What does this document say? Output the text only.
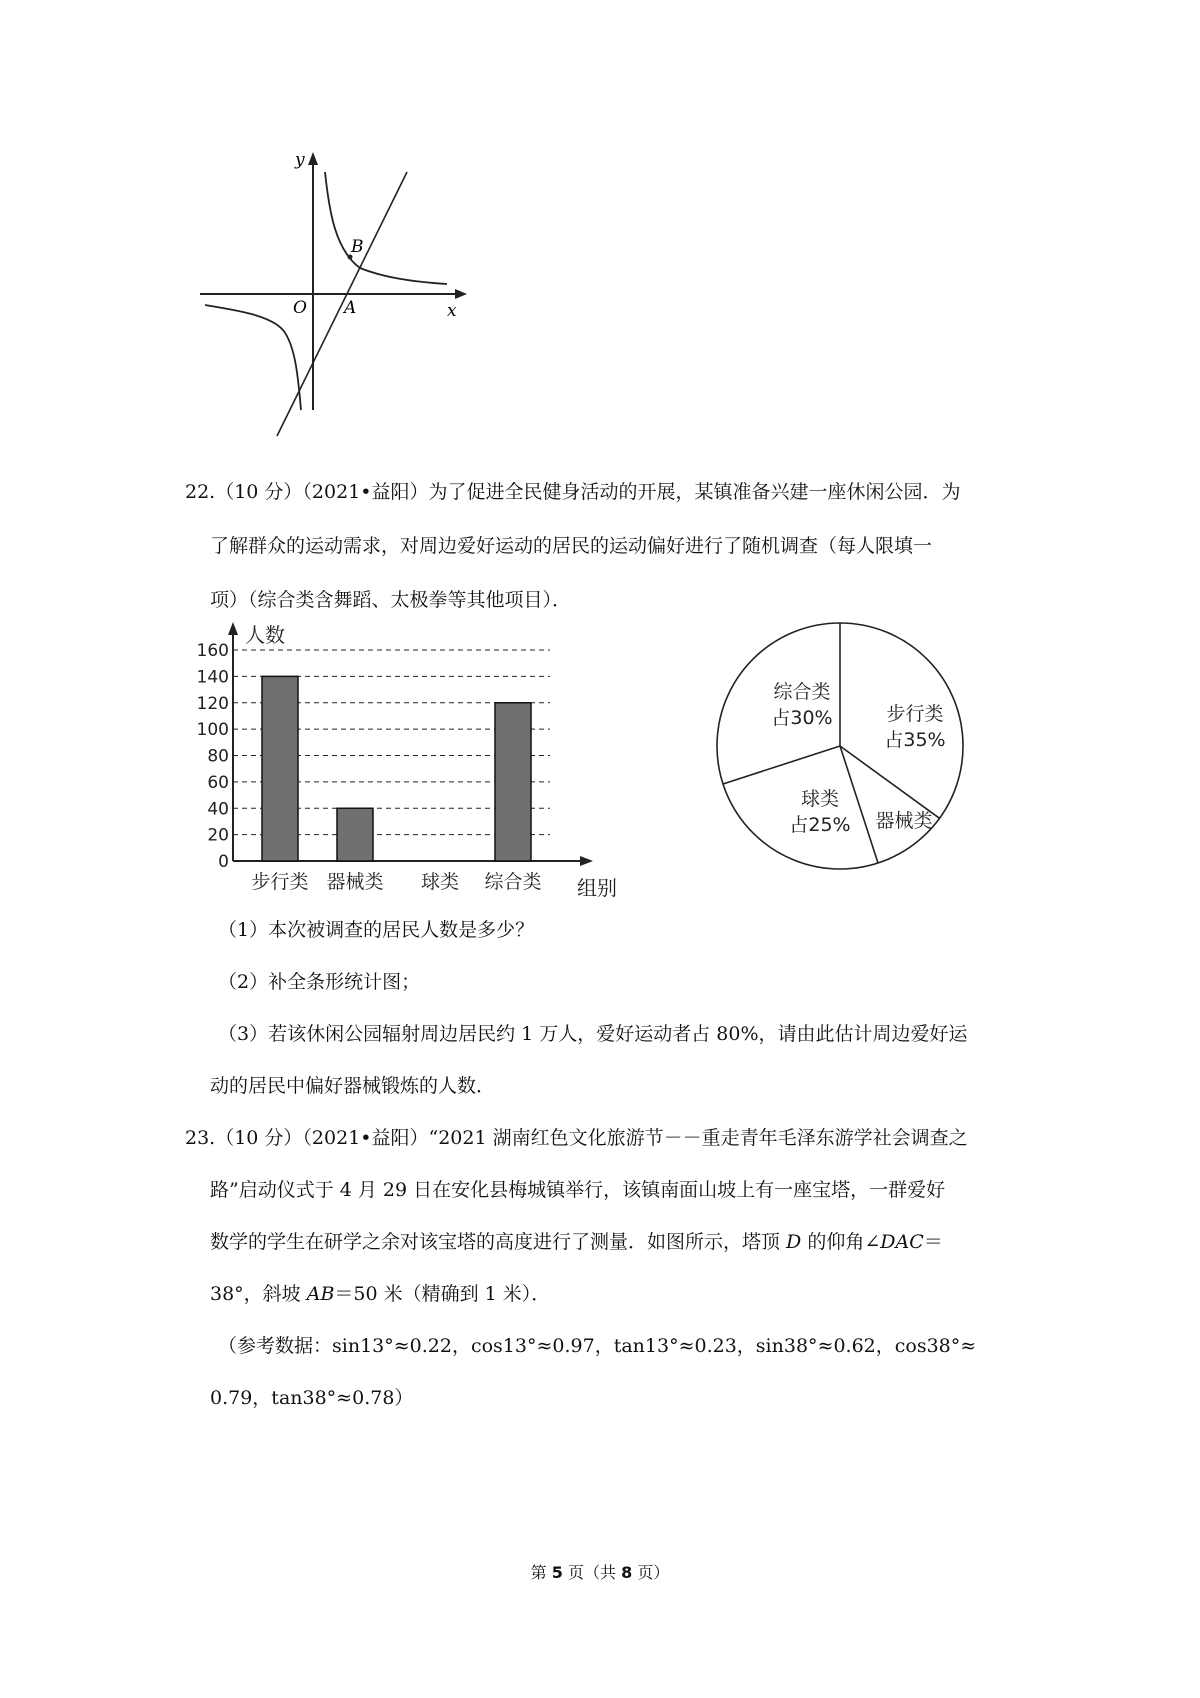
B
A
O	x
y
22.（10 分）（2021•益阳）为了促进全民健身活动的开展，某镇准备兴建一座休闲公园．为
了解群众的运动需求，对周边爱好运动的居民的运动偏好进行了随机调查（每人限填一
项）（综合类含舞蹈、太极拳等其他项目）．
0
20
40
60
80
100
120
140
160
人数
组别
步行类 器械类 球类 综合类
步行类
占35%
器械类
球类
占25%
综合类
占30%
（1）本次被调查的居民人数是多少？
（2）补全条形统计图；
（3）若该休闲公园辐射周边居民约 1 万人，爱好运动者占 80%，请由此估计周边爱好运
动的居民中偏好器械锻炼的人数．
23.（10 分）（2021•益阳）“2021 湖南红色文化旅游节－－重走青年毛泽东游学社会调查之
路”启动仪式于 4 月 29 日在安化县梅城镇举行，该镇南面山坡上有一座宝塔，一群爱好
数学的学生在研学之余对该宝塔的高度进行了测量．如图所示，塔顶 D 的仰角∠DAC＝
38°，斜坡 AB＝50 米（精确到 1 米）．
（参考数据：sin13°≈0.22，cos13°≈0.97，tan13°≈0.23，sin38°≈0.62，cos38°≈
0.79，tan38°≈0.78）
第 5 页（共 8 页）
